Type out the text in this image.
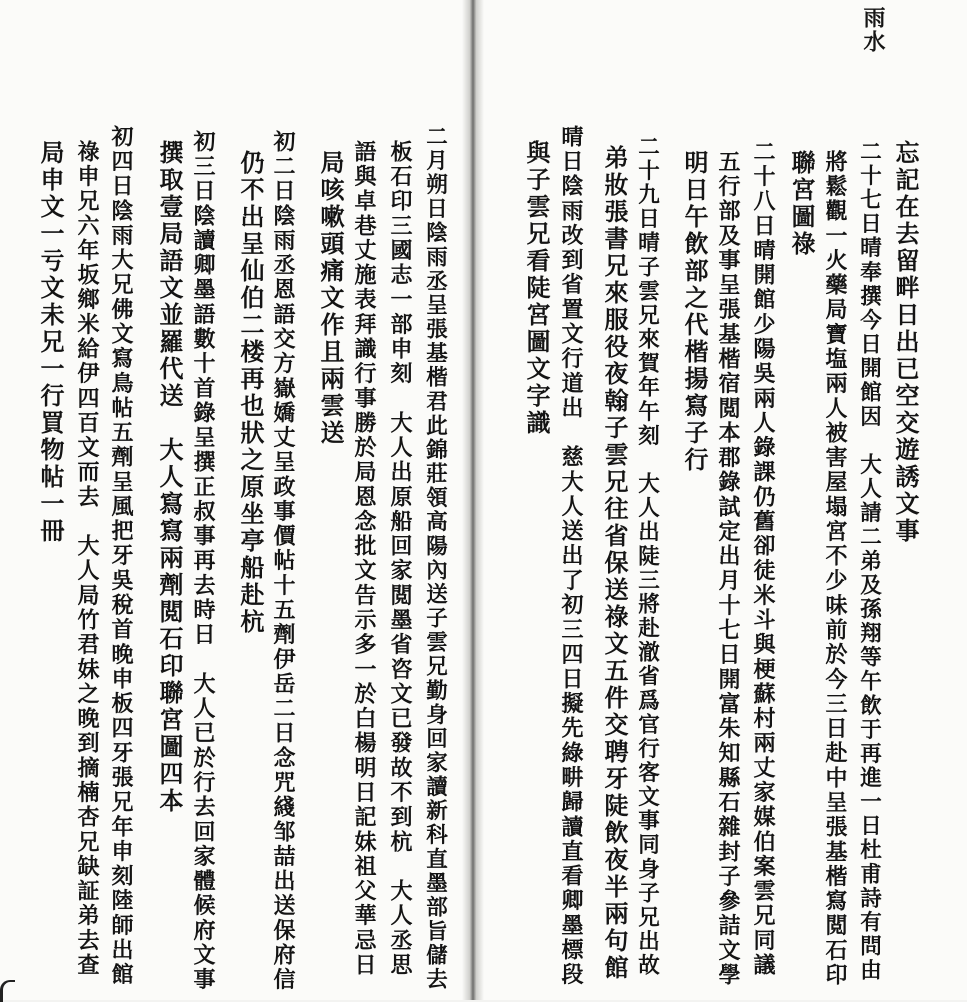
雨水
忘記在去留畔日出已空交遊誘文事
二十七日晴奉撰今日開館因　大人請二弟及孫翔等午飲于再進一日杜甫詩有問由
將鬆觀一火藥局寶塩兩人被害屋塌宮不少味前於今三日赴中呈張基楷寫閲石印
聯宮圖祿
二十八日晴開館少陽吳兩人錄課仍舊卻徒米斗與梗蘇村兩丈家媒伯案雲兄同議
五行部及事呈張基楷宿閲本郡錄試定出月十七日開富朱知縣石雜封子參詰文學
明日午飲部之代楷揚寫子行
二十九日晴子雲兄來賀年午刻　大人出陡三將赴澈省爲官行客文事同身子兄出故
弟妝張書兄來服役夜翰子雲兄往省保送祿文五件交聘牙陡飲夜半兩句館
晴日陰雨改到省置文行道出　慈大人送出了初三四日擬先綠畊歸讀直看卿墨標段
與子雲兄看陡宮圖文字識
二月朔日陰雨丞呈張基楷君此錦莊領高陽內送子雲兄勤身回家讀新科直墨部旨儲去
板石印三國志一部申刻　大人出原船回家閲墨省咨文已發故不到杭　大人丞思
語與卓巷丈施表拜識行事勝於局恩念批文告示多一於白楊明日記妹祖父華忌日
局咳嗽頭痛文作且兩雲送
初二日陰雨丞恩語交方嶽嬌丈呈政事價帖十五劑伊岳二日念咒綫邹喆出送保府信
仍不出呈仙伯二楼再也狀之原坐亭船赴杭
初三日陰讀卿墨語數十首錄呈撰正叔事再去時日　大人已於行去回家體候府文事
撰取壹局語文並羅代送　大人寫寫兩劑閲石印聯宮圖四本
初四日陰雨大兄佛文寫鳥帖五劑呈風把牙吳稅首晚申板四牙張兄年申刻陸師出館
祿申兄六年坂鄉米給伊四百文而去　大人局竹君妹之晚到摘楠杏兄缺証弟去查
局申文一亏文未兄一行買物帖一冊
